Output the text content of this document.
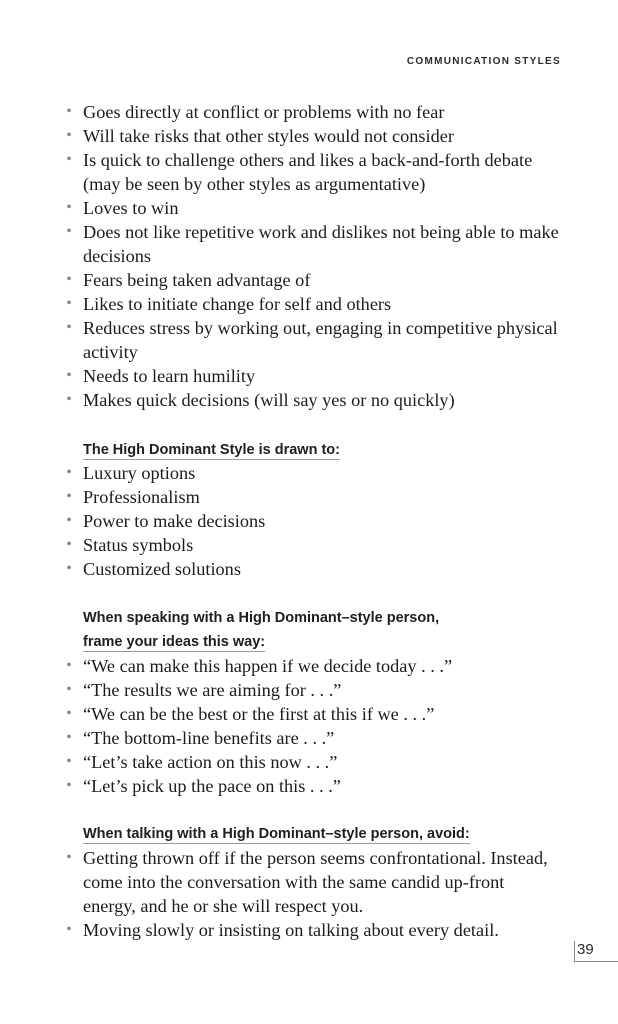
COMMUNICATION STYLES
• Goes directly at conflict or problems with no fear
• Will take risks that other styles would not consider
• Is quick to challenge others and likes a back-and-forth debate (may be seen by other styles as argumentative)
• Loves to win
• Does not like repetitive work and dislikes not being able to make decisions
• Fears being taken advantage of
• Likes to initiate change for self and others
• Reduces stress by working out, engaging in competitive physical activity
• Needs to learn humility
• Makes quick decisions (will say yes or no quickly)
The High Dominant Style is drawn to:
• Luxury options
• Professionalism
• Power to make decisions
• Status symbols
• Customized solutions
When speaking with a High Dominant–style person,
frame your ideas this way:
• “We can make this happen if we decide today . . .”
• “The results we are aiming for . . .”
• “We can be the best or the first at this if we . . .”
• “The bottom-line benefits are . . .”
• “Let’s take action on this now . . .”
• “Let’s pick up the pace on this . . .”
When talking with a High Dominant–style person, avoid:
• Getting thrown off if the person seems confrontational. Instead, come into the conversation with the same candid up-front energy, and he or she will respect you.
• Moving slowly or insisting on talking about every detail.
39
